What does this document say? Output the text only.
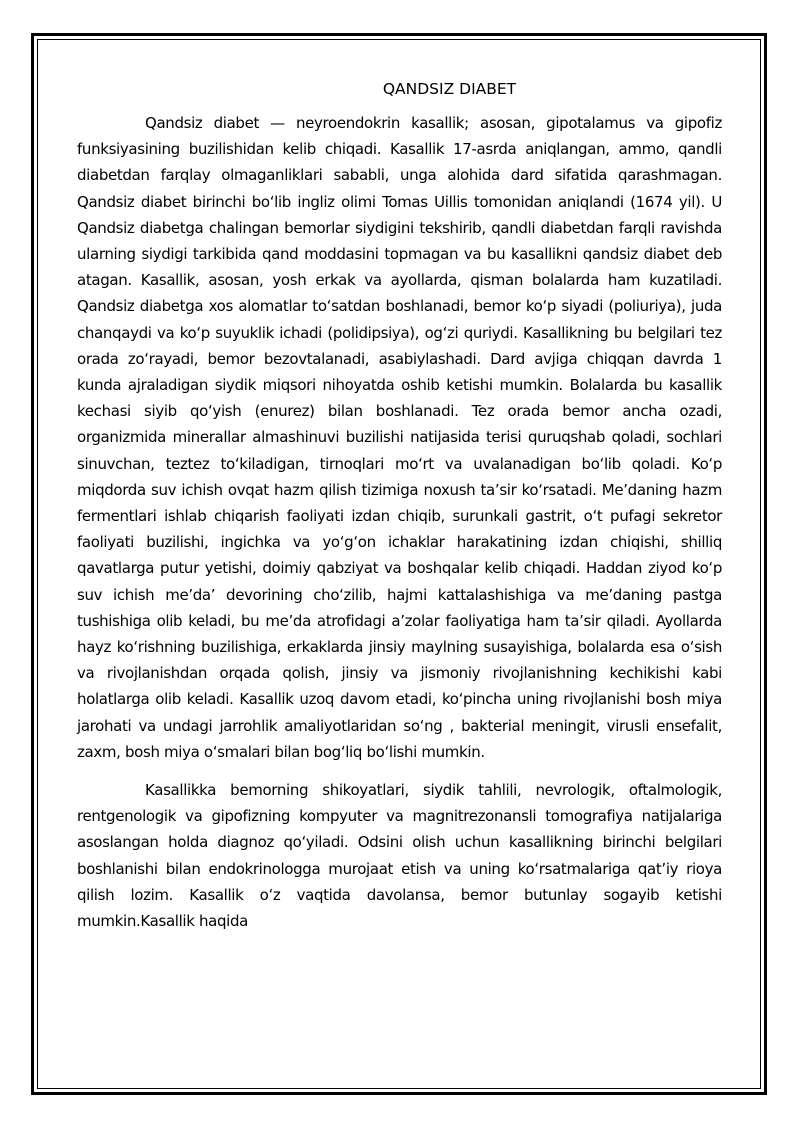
QANDSIZ DIABET

Qandsiz diabet — neyroendokrin kasallik; asosan, gipotalamus va gipofiz funksiyasining buzilishidan kelib chiqadi. Kasallik 17-asrda aniqlangan, ammo, qandli diabetdan farqlay olmaganliklari sababli, unga alohida dard sifatida qarashmagan. Qandsiz diabet birinchi boʻlib ingliz olimi Tomas Uillis tomonidan aniqlandi (1674 yil). U Qandsiz diabetga chalingan bemorlar siydigini tekshirib, qandli diabetdan farqli ravishda ularning siydigi tarkibida qand moddasini topmagan va bu kasallikni qandsiz diabet deb atagan. Kasallik, asosan, yosh erkak va ayollarda, qisman bolalarda ham kuzatiladi. Qandsiz diabetga xos alomatlar toʻsatdan boshlanadi, bemor koʻp siyadi (poliuriya), juda chanqaydi va koʻp suyuklik ichadi (polidipsiya), ogʻzi quriydi. Kasallikning bu belgilari tez orada zoʻrayadi, bemor bezovtalanadi, asabiylashadi. Dard avjiga chiqqan davrda 1 kunda ajraladigan siydik miqsori nihoyatda oshib ketishi mumkin. Bolalarda bu kasallik kechasi siyib qoʻyish (enurez) bilan boshlanadi. Tez orada bemor ancha ozadi, organizmida minerallar almashinuvi buzilishi natijasida terisi quruqshab qoladi, sochlari sinuvchan, teztez toʻkiladigan, tirnoqlari moʻrt va uvalanadigan boʻlib qoladi. Koʻp miqdorda suv ichish ovqat hazm qilish tizimiga noxush taʼsir koʻrsatadi. Meʼdaning hazm fermentlari ishlab chiqarish faoliyati izdan chiqib, surunkali gastrit, oʻt pufagi sekretor faoliyati buzilishi, ingichka va yoʻgʻon ichaklar harakatining izdan chiqishi, shilliq qavatlarga putur yetishi, doimiy qabziyat va boshqalar kelib chiqadi. Haddan ziyod koʻp suv ichish meʼdaʼ devorining choʻzilib, hajmi kattalashishiga va meʼdaning pastga tushishiga olib keladi, bu meʼda atrofidagi aʼzolar faoliyatiga ham taʼsir qiladi. Ayollarda hayz koʻrishning buzilishiga, erkaklarda jinsiy maylning susayishiga, bolalarda esa oʻsish va rivojlanishdan orqada qolish, jinsiy va jismoniy rivojlanishning kechikishi kabi holatlarga olib keladi. Kasallik uzoq davom etadi, koʻpincha uning rivojlanishi bosh miya jarohati va undagi jarrohlik amaliyotlaridan soʻng , bakterial meningit, virusli ensefalit, zaxm, bosh miya oʻsmalari bilan bogʻliq boʻlishi mumkin.

Kasallikka bemorning shikoyatlari, siydik tahlili, nevrologik, oftalmologik, rentgenologik va gipofizning kompyuter va magnitrezonansli tomografiya natijalariga asoslangan holda diagnoz qoʻyiladi. Odsini olish uchun kasallikning birinchi belgilari boshlanishi bilan endokrinologga murojaat etish va uning koʻrsatmalariga qatʼiy rioya qilish lozim. Kasallik oʻz vaqtida davolansa, bemor butunlay sogayib ketishi mumkin.Kasallik haqida
